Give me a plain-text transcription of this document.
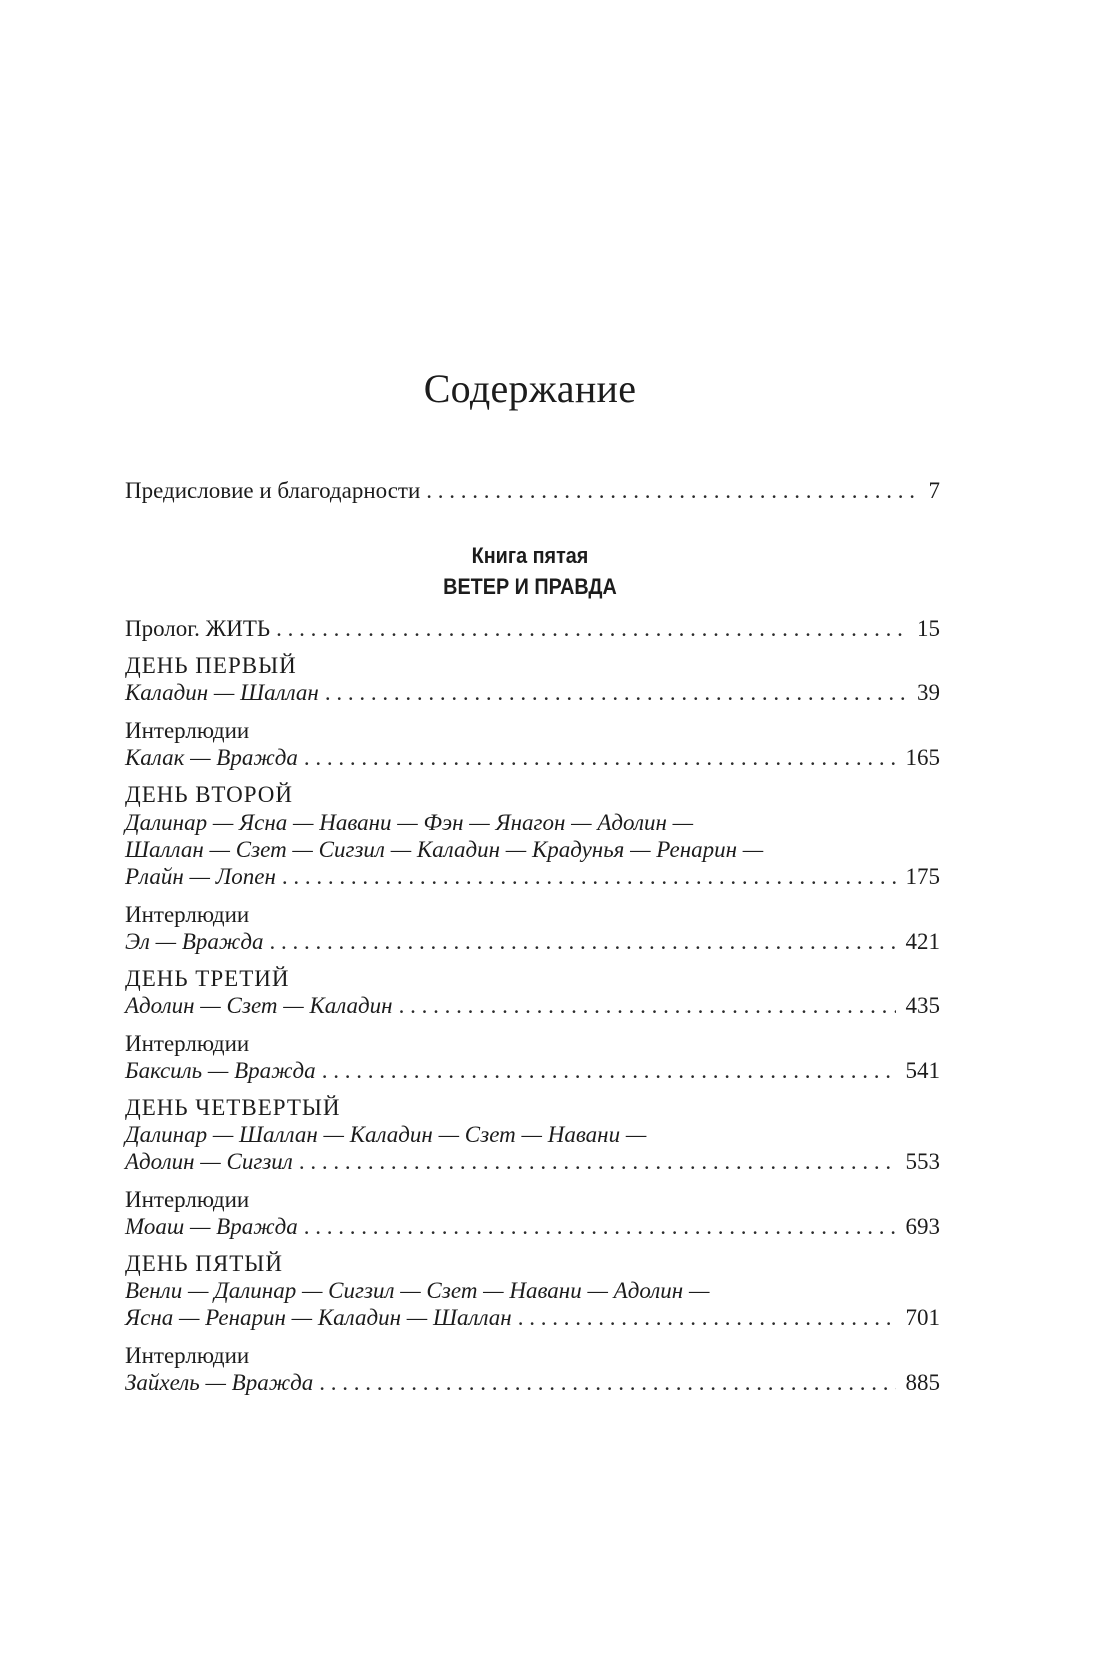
Содержание
Предисловие и благодарности . . .	7
Книга пятая
ВЕТЕР И ПРАВДА
Пролог. ЖИТЬ . . .	15
ДЕНЬ ПЕРВЫЙ
Каладин — Шаллан . . .	39
Интерлюдии
Калак — Вражда . . .	165
ДЕНЬ ВТОРОЙ
Далинар — Ясна — Навани — Фэн — Янагон — Адолин —
Шаллан — Сзет — Сигзил — Каладин — Крадунья — Ренарин —
Рлайн — Лопен . . .	175
Интерлюдии
Эл — Вражда . . .	421
ДЕНЬ ТРЕТИЙ
Адолин — Сзет — Каладин . . .	435
Интерлюдии
Баксиль — Вражда . . .	541
ДЕНЬ ЧЕТВЕРТЫЙ
Далинар — Шаллан — Каладин — Сзет — Навани —
Адолин — Сигзил . . .	553
Интерлюдии
Моаш — Вражда . . .	693
ДЕНЬ ПЯТЫЙ
Венли — Далинар — Сигзил — Сзет — Навани — Адолин —
Ясна — Ренарин — Каладин — Шаллан . . .	701
Интерлюдии
Зайхель — Вражда . . .	885
